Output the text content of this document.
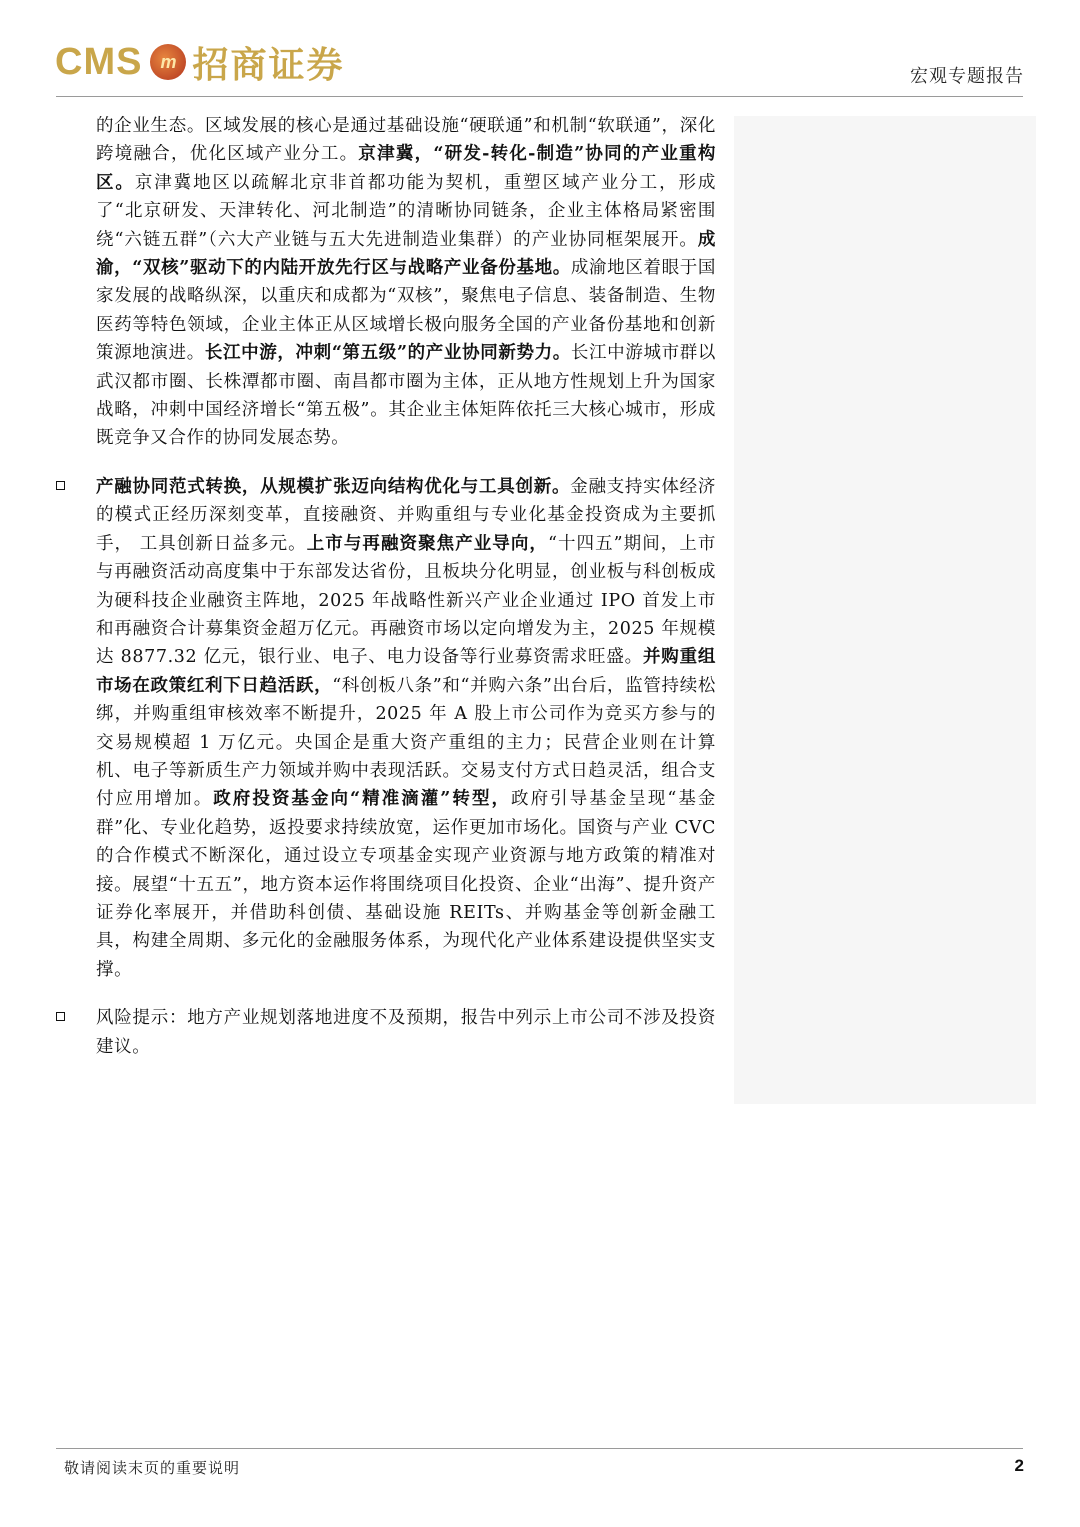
CMS m 招商证券	宏观专题报告

的企业生态。区域发展的核心是通过基础设施“硬联通”和机制“软联通”，深化跨境融合，优化区域产业分工。京津冀，“研发-转化-制造”协同的产业重构区。京津冀地区以疏解北京非首都功能为契机，重塑区域产业分工，形成了“北京研发、天津转化、河北制造”的清晰协同链条，企业主体格局紧密围绕“六链五群”（六大产业链与五大先进制造业集群）的产业协同框架展开。成渝，“双核”驱动下的内陆开放先行区与战略产业备份基地。成渝地区着眼于国家发展的战略纵深，以重庆和成都为“双核”，聚焦电子信息、装备制造、生物医药等特色领域，企业主体正从区域增长极向服务全国的产业备份基地和创新策源地演进。长江中游，冲刺“第五级”的产业协同新势力。长江中游城市群以武汉都市圈、长株潭都市圈、南昌都市圈为主体，正从地方性规划上升为国家战略，冲刺中国经济增长“第五极”。其企业主体矩阵依托三大核心城市，形成既竞争又合作的协同发展态势。

产融协同范式转换，从规模扩张迈向结构优化与工具创新。金融支持实体经济的模式正经历深刻变革，直接融资、并购重组与专业化基金投资成为主要抓手， 工具创新日益多元。上市与再融资聚焦产业导向，“十四五”期间，上市与再融资活动高度集中于东部发达省份，且板块分化明显，创业板与科创板成为硬科技企业融资主阵地，2025 年战略性新兴产业企业通过 IPO 首发上市和再融资合计募集资金超万亿元。再融资市场以定向增发为主，2025 年规模达 8877.32 亿元，银行业、电子、电力设备等行业募资需求旺盛。并购重组市场在政策红利下日趋活跃，“科创板八条”和“并购六条”出台后，监管持续松绑，并购重组审核效率不断提升，2025 年 A 股上市公司作为竞买方参与的交易规模超 1 万亿元。央国企是重大资产重组的主力；民营企业则在计算机、电子等新质生产力领域并购中表现活跃。交易支付方式日趋灵活，组合支付应用增加。政府投资基金向“精准滴灌”转型，政府引导基金呈现“基金群”化、专业化趋势，返投要求持续放宽，运作更加市场化。国资与产业 CVC 的合作模式不断深化，通过设立专项基金实现产业资源与地方政策的精准对接。展望“十五五”，地方资本运作将围绕项目化投资、企业“出海”、提升资产证券化率展开，并借助科创债、基础设施 REITs、并购基金等创新金融工具，构建全周期、多元化的金融服务体系，为现代化产业体系建设提供坚实支撑。

风险提示：地方产业规划落地进度不及预期，报告中列示上市公司不涉及投资建议。

敬请阅读末页的重要说明	2
